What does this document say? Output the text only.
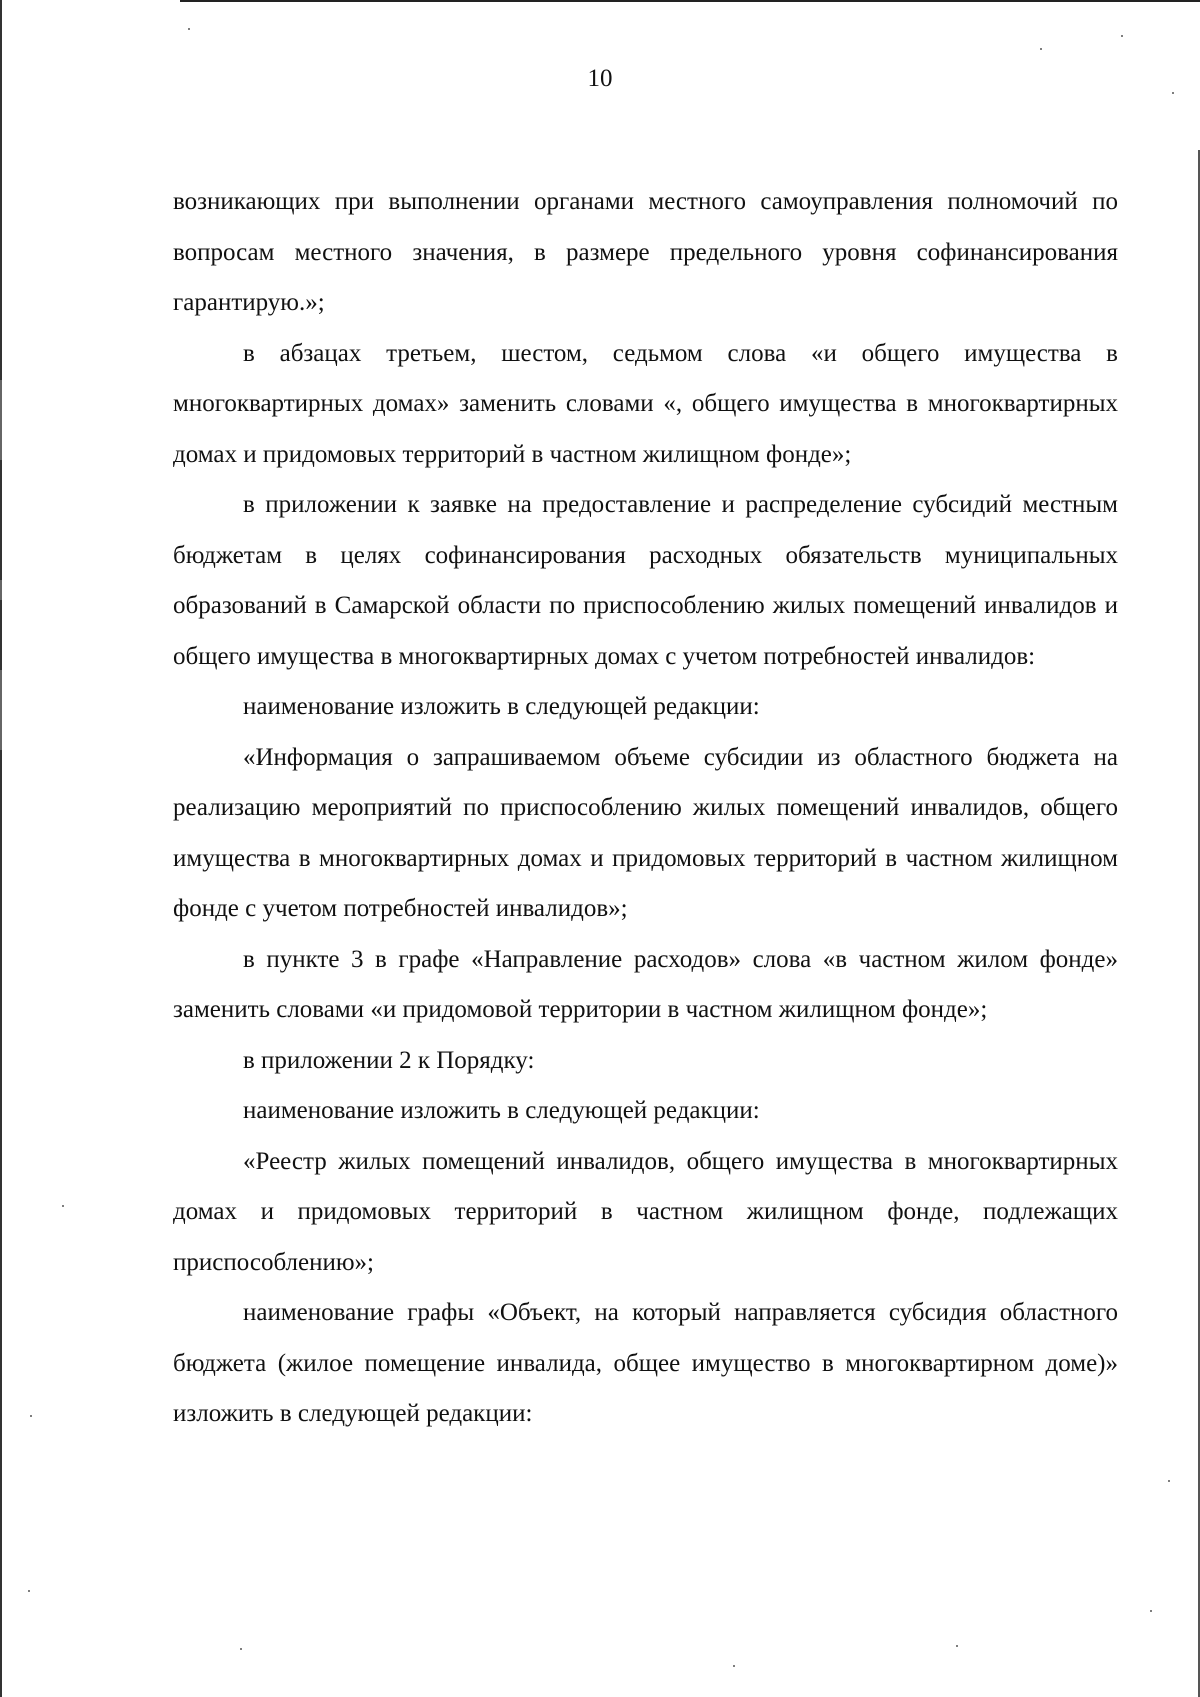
10

возникающих при выполнении органами местного самоуправления полномочий по вопросам местного значения, в размере предельного уровня софинансирования гарантирую.»;

в абзацах третьем, шестом, седьмом слова «и общего имущества в многоквартирных домах» заменить словами «, общего имущества в многоквартирных домах и придомовых территорий в частном жилищном фонде»;

в приложении к заявке на предоставление и распределение субсидий местным бюджетам в целях софинансирования расходных обязательств муниципальных образований в Самарской области по приспособлению жилых помещений инвалидов и общего имущества в многоквартирных домах с учетом потребностей инвалидов:

наименование изложить в следующей редакции:

«Информация о запрашиваемом объеме субсидии из областного бюджета на реализацию мероприятий по приспособлению жилых помещений инвалидов, общего имущества в многоквартирных домах и придомовых территорий в частном жилищном фонде с учетом потребностей инвалидов»;

в пункте 3 в графе «Направление расходов» слова «в частном жилом фонде» заменить словами «и придомовой территории в частном жилищном фонде»;

в приложении 2 к Порядку:

наименование изложить в следующей редакции:

«Реестр жилых помещений инвалидов, общего имущества в многоквартирных домах и придомовых территорий в частном жилищном фонде, подлежащих приспособлению»;

наименование графы «Объект, на который направляется субсидия областного бюджета (жилое помещение инвалида, общее имущество в многоквартирном доме)» изложить в следующей редакции:
